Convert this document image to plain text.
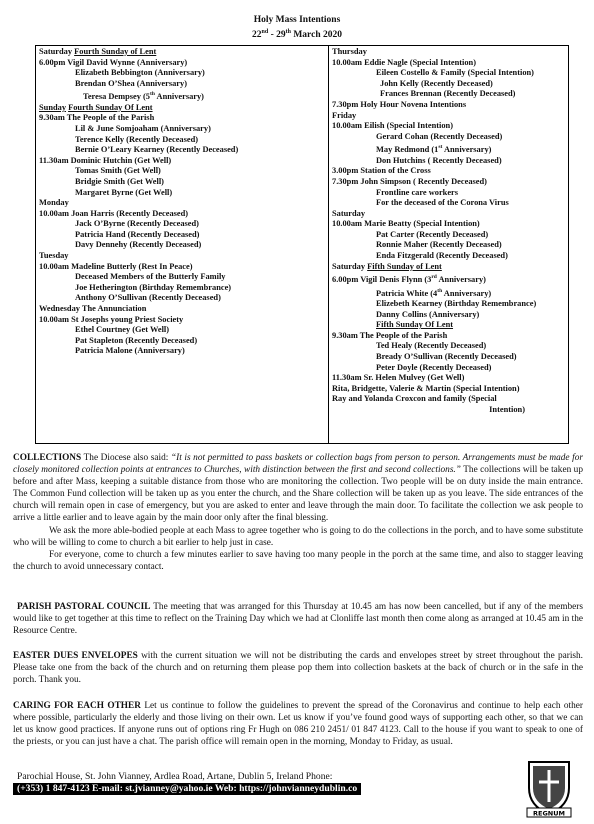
Holy Mass Intentions
22nd - 29th March 2020
Saturday Fourth Sunday of Lent
6.00pm Vigil David Wynne (Anniversary)
Elizabeth Bebbington (Anniversary)
Brendan O’Shea (Anniversary)
Teresa Dempsey (5th Anniversary)
Sunday Fourth Sunday Of Lent
9.30am The People of the Parish
Lil & June Somjoaham (Anniversary)
Terence Kelly (Recently Deceased)
Bernie O’Leary Kearney (Recently Deceased)
11.30am Dominic Hutchin (Get Well)
Tomas Smith (Get Well)
Bridgie Smith (Get Well)
Margaret Byrne (Get Well)
Monday
10.00am Joan Harris (Recently Deceased)
Jack O’Byrne (Recently Deceased)
Patricia Hand (Recently Deceased)
Davy Dennehy (Recently Deceased)
Tuesday
10.00am Madeline Butterly (Rest In Peace)
Deceased Members of the Butterly Family
Joe Hetherington (Birthday Remembrance)
Anthony O’Sullivan (Recently Deceased)
Wednesday The Annunciation
10.00am St Josephs young Priest Society
Ethel Courtney (Get Well)
Pat Stapleton (Recently Deceased)
Patricia Malone (Anniversary)
Thursday
10.00am Eddie Nagle (Special Intention)
Eileen Costello & Family (Special Intention)
John Kelly (Recently Deceased)
Frances Brennan (Recently Deceased)
7.30pm Holy Hour Novena Intentions
Friday
10.00am Eilish (Special Intention)
Gerard Cohan (Recently Deceased)
May Redmond (1st Anniversary)
Don Hutchins ( Recently Deceased)
3.00pm Station of the Cross
7.30pm John Simpson ( Recently Deceased)
Frontline care workers
For the deceased of the Corona Virus
Saturday
10.00am Marie Beatty (Special Intention)
Pat Carter (Recently Deceased)
Ronnie Maher (Recently Deceased)
Enda Fitzgerald (Recently Deceased)
Saturday Fifth Sunday of Lent
6.00pm Vigil Denis Flynn (3rd Anniversary)
Patricia White (4th Anniversary)
Elizebeth Kearney (Birthday Remembrance)
Danny Collins (Anniversary)
Fifth Sunday Of Lent
9.30am The People of the Parish
Ted Healy (Recently Deceased)
Bready O’Sullivan (Recently Deceased)
Peter Doyle (Recently Deceased)
11.30am Sr. Helen Mulvey (Get Well)
Rita, Bridgette, Valerie & Martin (Special Intention)
Ray and Yolanda Croxcon and family (Special
Intention)
COLLECTIONS The Diocese also said: “It is not permitted to pass baskets or collection bags from person to person. Arrangements must be made for closely monitored collection points at entrances to Churches, with distinction between the first and second collections.” The collections will be taken up before and after Mass, keeping a suitable distance from those who are monitoring the collection. Two people will be on duty inside the main entrance. The Common Fund collection will be taken up as you enter the church, and the Share collection will be taken up as you leave. The side entrances of the church will remain open in case of emergency, but you are asked to enter and leave through the main door. To facilitate the collection we ask people to arrive a little earlier and to leave again by the main door only after the final blessing.
We ask the more able-bodied people at each Mass to agree together who is going to do the collections in the porch, and to have some substitute who will be willing to come to church a bit earlier to help just in case.
For everyone, come to church a few minutes earlier to save having too many people in the porch at the same time, and also to stagger leaving the church to avoid unnecessary contact.
PARISH PASTORAL COUNCIL The meeting that was arranged for this Thursday at 10.45 am has now been cancelled, but if any of the members would like to get together at this time to reflect on the Training Day which we had at Clonliffe last month then come along as arranged at 10.45 am in the Resource Centre.
EASTER DUES ENVELOPES with the current situation we will not be distributing the cards and envelopes street by street throughout the parish. Please take one from the back of the church and on returning them please pop them into collection baskets at the back of church or in the safe in the porch. Thank you.
CARING FOR EACH OTHER Let us continue to follow the guidelines to prevent the spread of the Coronavirus and continue to help each other where possible, particularly the elderly and those living on their own. Let us know if you’ve found good ways of supporting each other, so that we can let us know good practices. If anyone runs out of options ring Fr Hugh on 086 210 2451/ 01 847 4123. Call to the house if you want to speak to one of the priests, or you can just have a chat. The parish office will remain open in the morning, Monday to Friday, as usual.
Parochial House, St. John Vianney, Ardlea Road, Artane, Dublin 5, Ireland Phone:
(+353) 1 847-4123 E-mail: st.jvianney@yahoo.ie Web: https://johnvianneydublin.co
REGNUM
